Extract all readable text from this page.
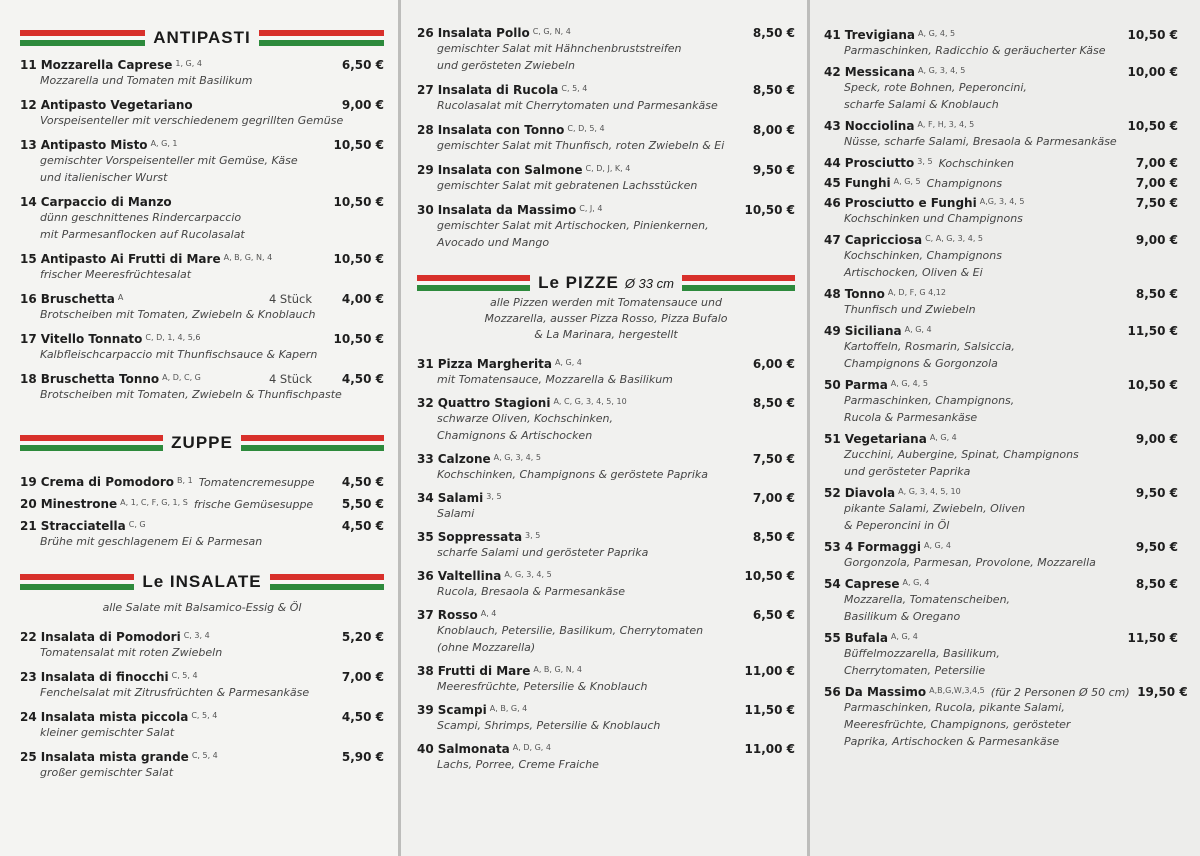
ANTIPASTI
11 Mozzarella Caprese 1, G, 4	6,50 €
Mozzarella und Tomaten mit Basilikum
12 Antipasto Vegetariano	9,00 €
Vorspeisenteller mit verschiedenem gegrillten Gemüse
13 Antipasto Misto A, G, 1	10,50 €
gemischter Vorspeisenteller mit Gemüse, Käse
und italienischer Wurst
14 Carpaccio di Manzo	10,50 €
dünn geschnittenes Rindercarpaccio
mit Parmesanflocken auf Rucolasalat
15 Antipasto Ai Frutti di Mare A, B, G, N, 4	10,50 €
frischer Meeresfrüchtesalat
16 Bruschetta A	4 Stück	4,00 €
Brotscheiben mit Tomaten, Zwiebeln & Knoblauch
17 Vitello Tonnato C, D, 1, 4, 5,6	10,50 €
Kalbfleischcarpaccio mit Thunfischsauce & Kapern
18 Bruschetta Tonno A, D, C, G	4 Stück	4,50 €
Brotscheiben mit Tomaten, Zwiebeln & Thunfischpaste
ZUPPE
19 Crema di Pomodoro B, 1 Tomatencremesuppe	4,50 €
20 Minestrone A, 1, C, F, G, 1, S frische Gemüsesuppe	5,50 €
21 Stracciatella C, G	4,50 €
Brühe mit geschlagenem Ei & Parmesan
Le INSALATE
alle Salate mit Balsamico-Essig & Öl
22 Insalata di Pomodori C, 3, 4	5,20 €
Tomatensalat mit roten Zwiebeln
23 Insalata di finocchi C, 5, 4	7,00 €
Fenchelsalat mit Zitrusfrüchten & Parmesankäse
24 Insalata mista piccola C, 5, 4	4,50 €
kleiner gemischter Salat
25 Insalata mista grande C, 5, 4	5,90 €
großer gemischter Salat
26 Insalata Pollo C, G, N, 4	8,50 €
gemischter Salat mit Hähnchenbruststreifen
und gerösteten Zwiebeln
27 Insalata di Rucola C, 5, 4	8,50 €
Rucolasalat mit Cherrytomaten und Parmesankäse
28 Insalata con Tonno C, D, 5, 4	8,00 €
gemischter Salat mit Thunfisch, roten Zwiebeln & Ei
29 Insalata con Salmone C, D, J, K, 4	9,50 €
gemischter Salat mit gebratenen Lachsstücken
30 Insalata da Massimo C, J, 4	10,50 €
gemischter Salat mit Artischocken, Pinienkernen,
Avocado und Mango
Le PIZZE Ø 33 cm
alle Pizzen werden mit Tomatensauce und
Mozzarella, ausser Pizza Rosso, Pizza Bufalo
& La Marinara, hergestellt
31 Pizza Margherita A, G, 4	6,00 €
mit Tomatensauce, Mozzarella & Basilikum
32 Quattro Stagioni A, C, G, 3, 4, 5, 10	8,50 €
schwarze Oliven, Kochschinken,
Chamignons & Artischocken
33 Calzone A, G, 3, 4, 5	7,50 €
Kochschinken, Champignons & geröstete Paprika
34 Salami 3, 5	7,00 €
Salami
35 Soppressata 3, 5	8,50 €
scharfe Salami und gerösteter Paprika
36 Valtellina A, G, 3, 4, 5	10,50 €
Rucola, Bresaola & Parmesankäse
37 Rosso A, 4	6,50 €
Knoblauch, Petersilie, Basilikum, Cherrytomaten
(ohne Mozzarella)
38 Frutti di Mare A, B, G, N, 4	11,00 €
Meeresfrüchte, Petersilie & Knoblauch
39 Scampi A, B, G, 4	11,50 €
Scampi, Shrimps, Petersilie & Knoblauch
40 Salmonata A, D, G, 4	11,00 €
Lachs, Porree, Creme Fraiche
41 Trevigiana A, G, 4, 5	10,50 €
Parmaschinken, Radicchio & geräucherter Käse
42 Messicana A, G, 3, 4, 5	10,00 €
Speck, rote Bohnen, Peperoncini,
scharfe Salami & Knoblauch
43 Nocciolina A, F, H, 3, 4, 5	10,50 €
Nüsse, scharfe Salami, Bresaola & Parmesankäse
44 Prosciutto 3, 5 Kochschinken	7,00 €
45 Funghi A, G, 5 Champignons	7,00 €
46 Prosciutto e Funghi A,G, 3, 4, 5	7,50 €
Kochschinken und Champignons
47 Capricciosa C, A, G, 3, 4, 5	9,00 €
Kochschinken, Champignons
Artischocken, Oliven & Ei
48 Tonno A, D, F, G 4,12	8,50 €
Thunfisch und Zwiebeln
49 Siciliana A, G, 4	11,50 €
Kartoffeln, Rosmarin, Salsiccia,
Champignons & Gorgonzola
50 Parma A, G, 4, 5	10,50 €
Parmaschinken, Champignons,
Rucola & Parmesankäse
51 Vegetariana A, G, 4	9,00 €
Zucchini, Aubergine, Spinat, Champignons
und gerösteter Paprika
52 Diavola A, G, 3, 4, 5, 10	9,50 €
pikante Salami, Zwiebeln, Oliven
& Peperoncini in Öl
53 4 Formaggi A, G, 4	9,50 €
Gorgonzola, Parmesan, Provolone, Mozzarella
54 Caprese A, G, 4	8,50 €
Mozzarella, Tomatenscheiben,
Basilikum & Oregano
55 Bufala A, G, 4	11,50 €
Büffelmozzarella, Basilikum,
Cherrytomaten, Petersilie
56 Da Massimo A,B,G,W,3,4,5 (für 2 Personen Ø 50 cm) 19,50 €
Parmaschinken, Rucola, pikante Salami,
Meeresfrüchte, Champignons, gerösteter
Paprika, Artischocken & Parmesankäse
